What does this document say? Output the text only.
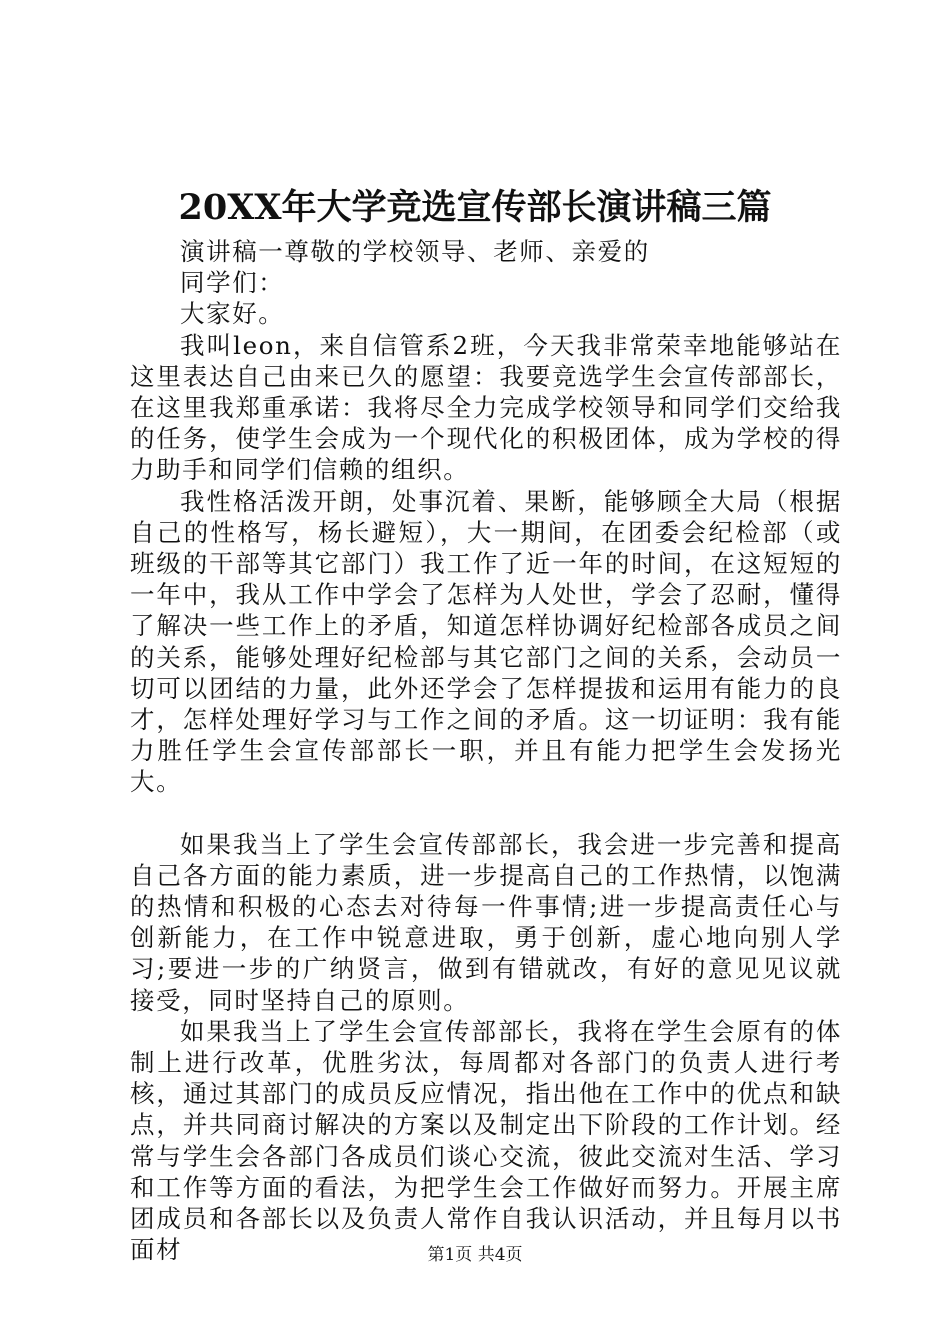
20XX年大学竞选宣传部长演讲稿三篇

演讲稿一尊敬的学校领导、老师、亲爱的

同学们：

大家好。

我叫leon，来自信管系2班，今天我非常荣幸地能够站在这里表达自己由来已久的愿望：我要竞选学生会宣传部部长，在这里我郑重承诺：我将尽全力完成学校领导和同学们交给我的任务，使学生会成为一个现代化的积极团体，成为学校的得力助手和同学们信赖的组织。

我性格活泼开朗，处事沉着、果断，能够顾全大局（根据自己的性格写，杨长避短），大一期间，在团委会纪检部（或班级的干部等其它部门）我工作了近一年的时间，在这短短的一年中，我从工作中学会了怎样为人处世，学会了忍耐，懂得了解决一些工作上的矛盾，知道怎样协调好纪检部各成员之间的关系，能够处理好纪检部与其它部门之间的关系，会动员一切可以团结的力量，此外还学会了怎样提拔和运用有能力的良才，怎样处理好学习与工作之间的矛盾。这一切证明：我有能力胜任学生会宣传部部长一职，并且有能力把学生会发扬光大。

如果我当上了学生会宣传部部长，我会进一步完善和提高自己各方面的能力素质，进一步提高自己的工作热情，以饱满的热情和积极的心态去对待每一件事情;进一步提高责任心与创新能力，在工作中锐意进取，勇于创新，虚心地向别人学习;要进一步的广纳贤言，做到有错就改，有好的意见见议就接受，同时坚持自己的原则。

如果我当上了学生会宣传部部长，我将在学生会原有的体制上进行改革，优胜劣汰，每周都对各部门的负责人进行考核，通过其部门的成员反应情况，指出他在工作中的优点和缺点，并共同商讨解决的方案以及制定出下阶段的工作计划。经常与学生会各部门各成员们谈心交流，彼此交流对生活、学习和工作等方面的看法，为把学生会工作做好而努力。开展主席团成员和各部长以及负责人常作自我认识活动，并且每月以书面材	第1页 共4页
